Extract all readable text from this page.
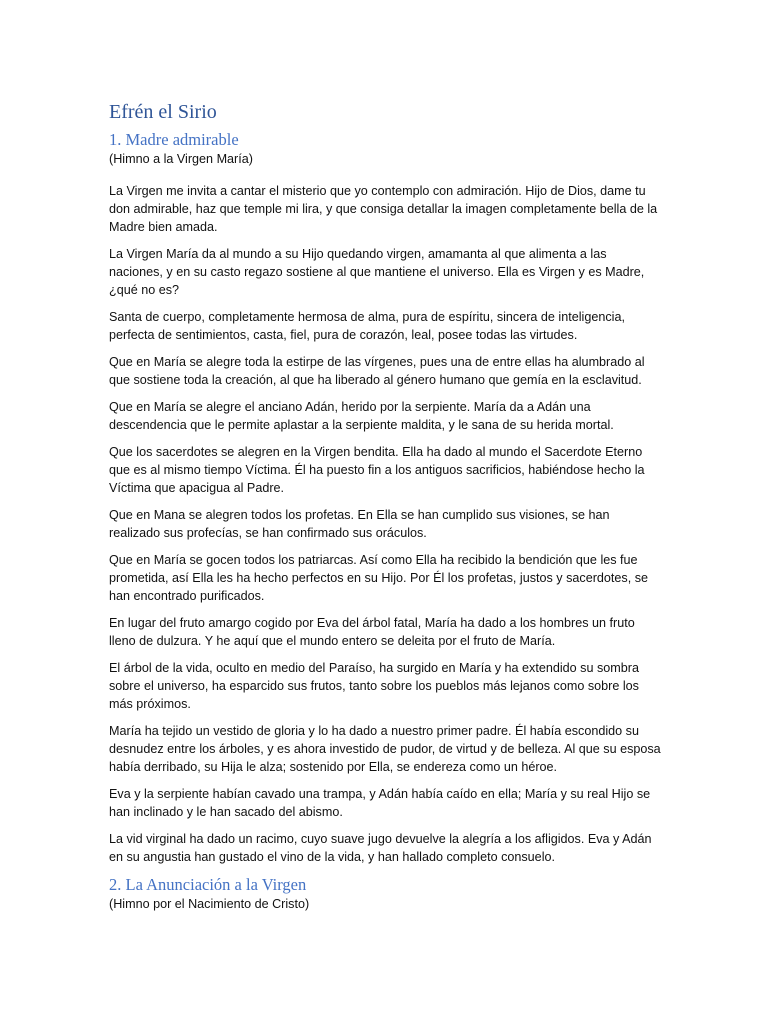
Efrén el Sirio
1. Madre admirable

(Himno a la Virgen María)

La Virgen me invita a cantar el misterio que yo contemplo con admiración. Hijo de Dios, dame tu don admirable, haz que temple mi lira, y que consiga detallar la imagen completamente bella de la Madre bien amada.

La Virgen María da al mundo a su Hijo quedando virgen, amamanta al que alimenta a las naciones, y en su casto regazo sostiene al que mantiene el universo. Ella es Virgen y es Madre, ¿qué no es?

Santa de cuerpo, completamente hermosa de alma, pura de espíritu, sincera de inteligencia, perfecta de sentimientos, casta, fiel, pura de corazón, leal, posee todas las virtudes.

Que en María se alegre toda la estirpe de las vírgenes, pues una de entre ellas ha alumbrado al que sostiene toda la creación, al que ha liberado al género humano que gemía en la esclavitud.

Que en María se alegre el anciano Adán, herido por la serpiente. María da a Adán una descendencia que le permite aplastar a la serpiente maldita, y le sana de su herida mortal.

Que los sacerdotes se alegren en la Virgen bendita. Ella ha dado al mundo el Sacerdote Eterno que es al mismo tiempo Víctima. Él ha puesto fin a los antiguos sacrificios, habiéndose hecho la Víctima que apacigua al Padre.

Que en Mana se alegren todos los profetas. En Ella se han cumplido sus visiones, se han realizado sus profecías, se han confirmado sus oráculos.

Que en María se gocen todos los patriarcas. Así como Ella ha recibido la bendición que les fue prometida, así Ella les ha hecho perfectos en su Hijo. Por Él los profetas, justos y sacerdotes, se han encontrado purificados.

En lugar del fruto amargo cogido por Eva del árbol fatal, María ha dado a los hombres un fruto lleno de dulzura. Y he aquí que el mundo entero se deleita por el fruto de María.

El árbol de la vida, oculto en medio del Paraíso, ha surgido en María y ha extendido su sombra sobre el universo, ha esparcido sus frutos, tanto sobre los pueblos más lejanos como sobre los más próximos.

María ha tejido un vestido de gloria y lo ha dado a nuestro primer padre. Él había escondido su desnudez entre los árboles, y es ahora investido de pudor, de virtud y de belleza. Al que su esposa había derribado, su Hija le alza; sostenido por Ella, se endereza como un héroe.

Eva y la serpiente habían cavado una trampa, y Adán había caído en ella; María y su real Hijo se han inclinado y le han sacado del abismo.

La vid virginal ha dado un racimo, cuyo suave jugo devuelve la alegría a los afligidos. Eva y Adán en su angustia han gustado el vino de la vida, y han hallado completo consuelo.

2. La Anunciación a la Virgen

(Himno por el Nacimiento de Cristo)
